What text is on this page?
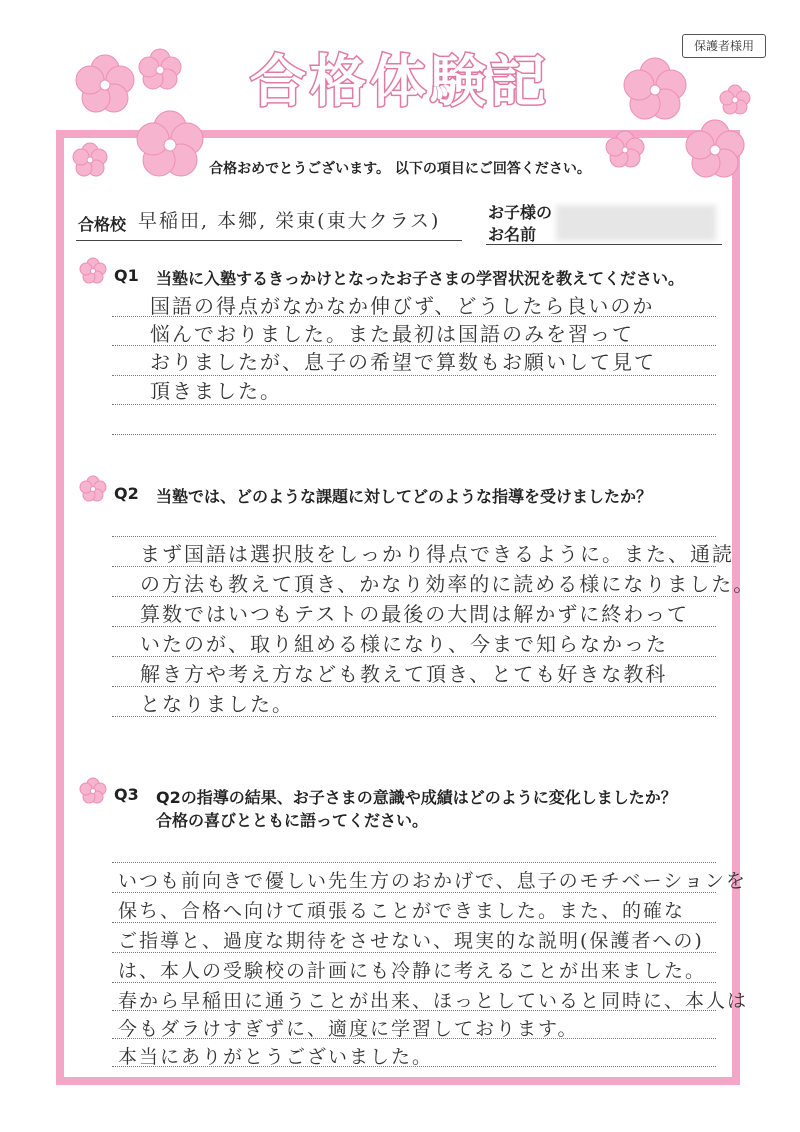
保護者様用
合格体験記
合格おめでとうございます。 以下の項目にご回答ください。
合格校 早稲田, 本郷, 栄東(東大クラス)	お子様の
お名前
Q1 当塾に入塾するきっかけとなったお子さまの学習状況を教えてください。
国語の得点がなかなか伸びず、どうしたら良いのか
悩んでおりました。また最初は国語のみを習って
おりましたが、息子の希望で算数もお願いして見て
頂きました。
Q2 当塾では、どのような課題に対してどのような指導を受けましたか？
まず国語は選択肢をしっかり得点できるように。また、通読
の方法も教えて頂き、かなり効率的に読める様になりました。
算数ではいつもテストの最後の大問は解かずに終わって
いたのが、取り組める様になり、今まで知らなかった
解き方や考え方なども教えて頂き、とても好きな教科
となりました。
Q3 Q2の指導の結果、お子さまの意識や成績はどのように変化しましたか？
合格の喜びとともに語ってください。
いつも前向きで優しい先生方のおかげで、息子のモチベーションを
保ち、合格へ向けて頑張ることができました。また、的確な
ご指導と、過度な期待をさせない、現実的な説明(保護者への)
は、本人の受験校の計画にも冷静に考えることが出来ました。
春から早稲田に通うことが出来、ほっとしていると同時に、本人は
今もダラけすぎずに、適度に学習しております。
本当にありがとうございました。
